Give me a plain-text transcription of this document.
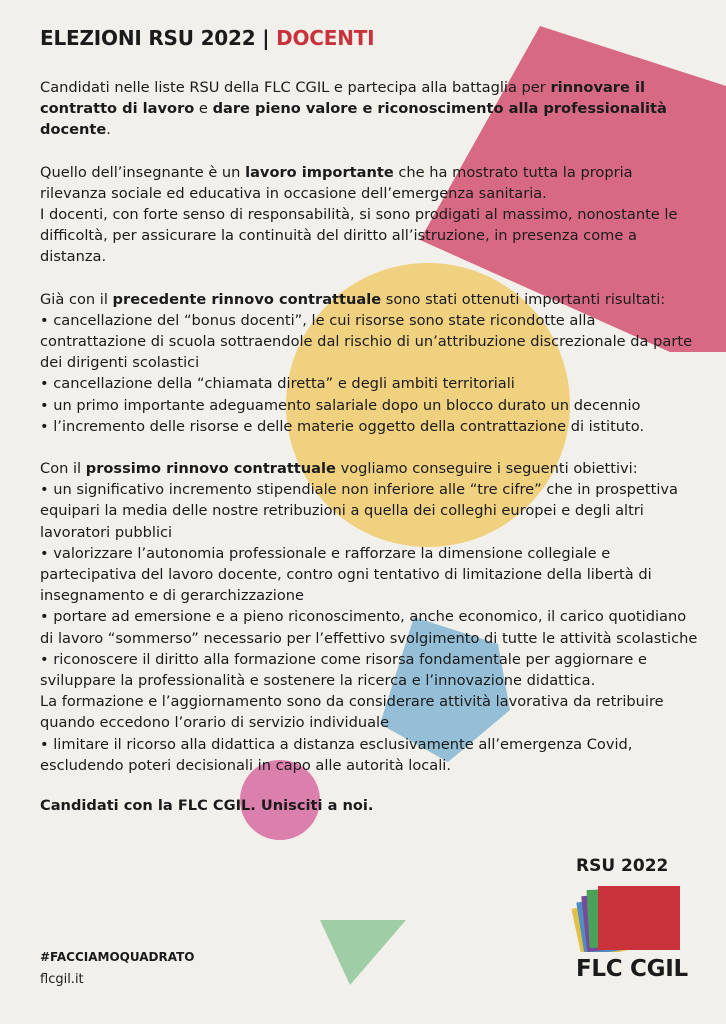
ELEZIONI RSU 2022 | DOCENTI

Candidati nelle liste RSU della FLC CGIL e partecipa alla battaglia per rinnovare il contratto di lavoro e dare pieno valore e riconoscimento alla professionalità docente.

Quello dell’insegnante è un lavoro importante che ha mostrato tutta la propria rilevanza sociale ed educativa in occasione dell’emergenza sanitaria.

I docenti, con forte senso di responsabilità, si sono prodigati al massimo, nonostante le difficoltà, per assicurare la continuità del diritto all’istruzione, in presenza come a distanza.

Già con il precedente rinnovo contrattuale sono stati ottenuti importanti risultati:

• cancellazione del “bonus docenti”, le cui risorse sono state ricondotte alla contrattazione di scuola sottraendole dal rischio di un’attribuzione discrezionale da parte dei dirigenti scolastici

• cancellazione della “chiamata diretta” e degli ambiti territoriali

• un primo importante adeguamento salariale dopo un blocco durato un decennio

• l’incremento delle risorse e delle materie oggetto della contrattazione di istituto.

Con il prossimo rinnovo contrattuale vogliamo conseguire i seguenti obiettivi:

• un significativo incremento stipendiale non inferiore alle “tre cifre” che in prospettiva equipari la media delle nostre retribuzioni a quella dei colleghi europei e degli altri lavoratori pubblici

• valorizzare l’autonomia professionale e rafforzare la dimensione collegiale e partecipativa del lavoro docente, contro ogni tentativo di limitazione della libertà di insegnamento e di gerarchizzazione

• portare ad emersione e a pieno riconoscimento, anche economico, il carico quotidiano di lavoro “sommerso” necessario per l’effettivo svolgimento di tutte le attività scolastiche

• riconoscere il diritto alla formazione come risorsa fondamentale per aggiornare e sviluppare la professionalità e sostenere la ricerca e l’innovazione didattica.

La formazione e l’aggiornamento sono da considerare attività lavorativa da retribuire quando eccedono l’orario di servizio individuale

• limitare il ricorso alla didattica a distanza esclusivamente all’emergenza Covid, escludendo poteri decisionali in capo alle autorità locali.

Candidati con la FLC CGIL. Unisciti a noi.

#FACCIAMOQUADRATO
flcgil.it
RSU 2022
FLC CGIL
